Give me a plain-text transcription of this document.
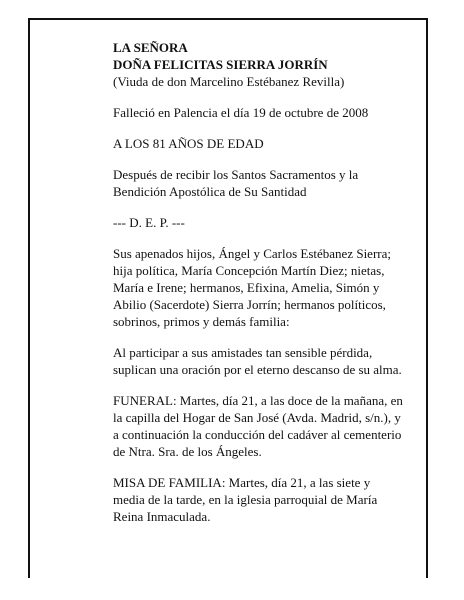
LA SEÑORA

DOÑA FELICITAS SIERRA JORRÍN

(Viuda de don Marcelino Estébanez Revilla)

Falleció en Palencia el día 19 de octubre de 2008

A LOS 81 AÑOS DE EDAD

Después de recibir los Santos Sacramentos y la

Bendición Apostólica de Su Santidad

--- D. E. P. ---

Sus apenados hijos, Ángel y Carlos Estébanez Sierra;

hija política, María Concepción Martín Diez; nietas,

María e Irene; hermanos, Efixina, Amelia, Simón y

Abilio (Sacerdote) Sierra Jorrín; hermanos políticos,

sobrinos, primos y demás familia:

Al participar a sus amistades tan sensible pérdida,

suplican una oración por el eterno descanso de su alma.

FUNERAL: Martes, día 21, a las doce de la mañana, en

la capilla del Hogar de San José (Avda. Madrid, s/n.), y

a continuación la conducción del cadáver al cementerio

de Ntra. Sra. de los Ángeles.

MISA DE FAMILIA: Martes, día 21, a las siete y

media de la tarde, en la iglesia parroquial de María

Reina Inmaculada.
